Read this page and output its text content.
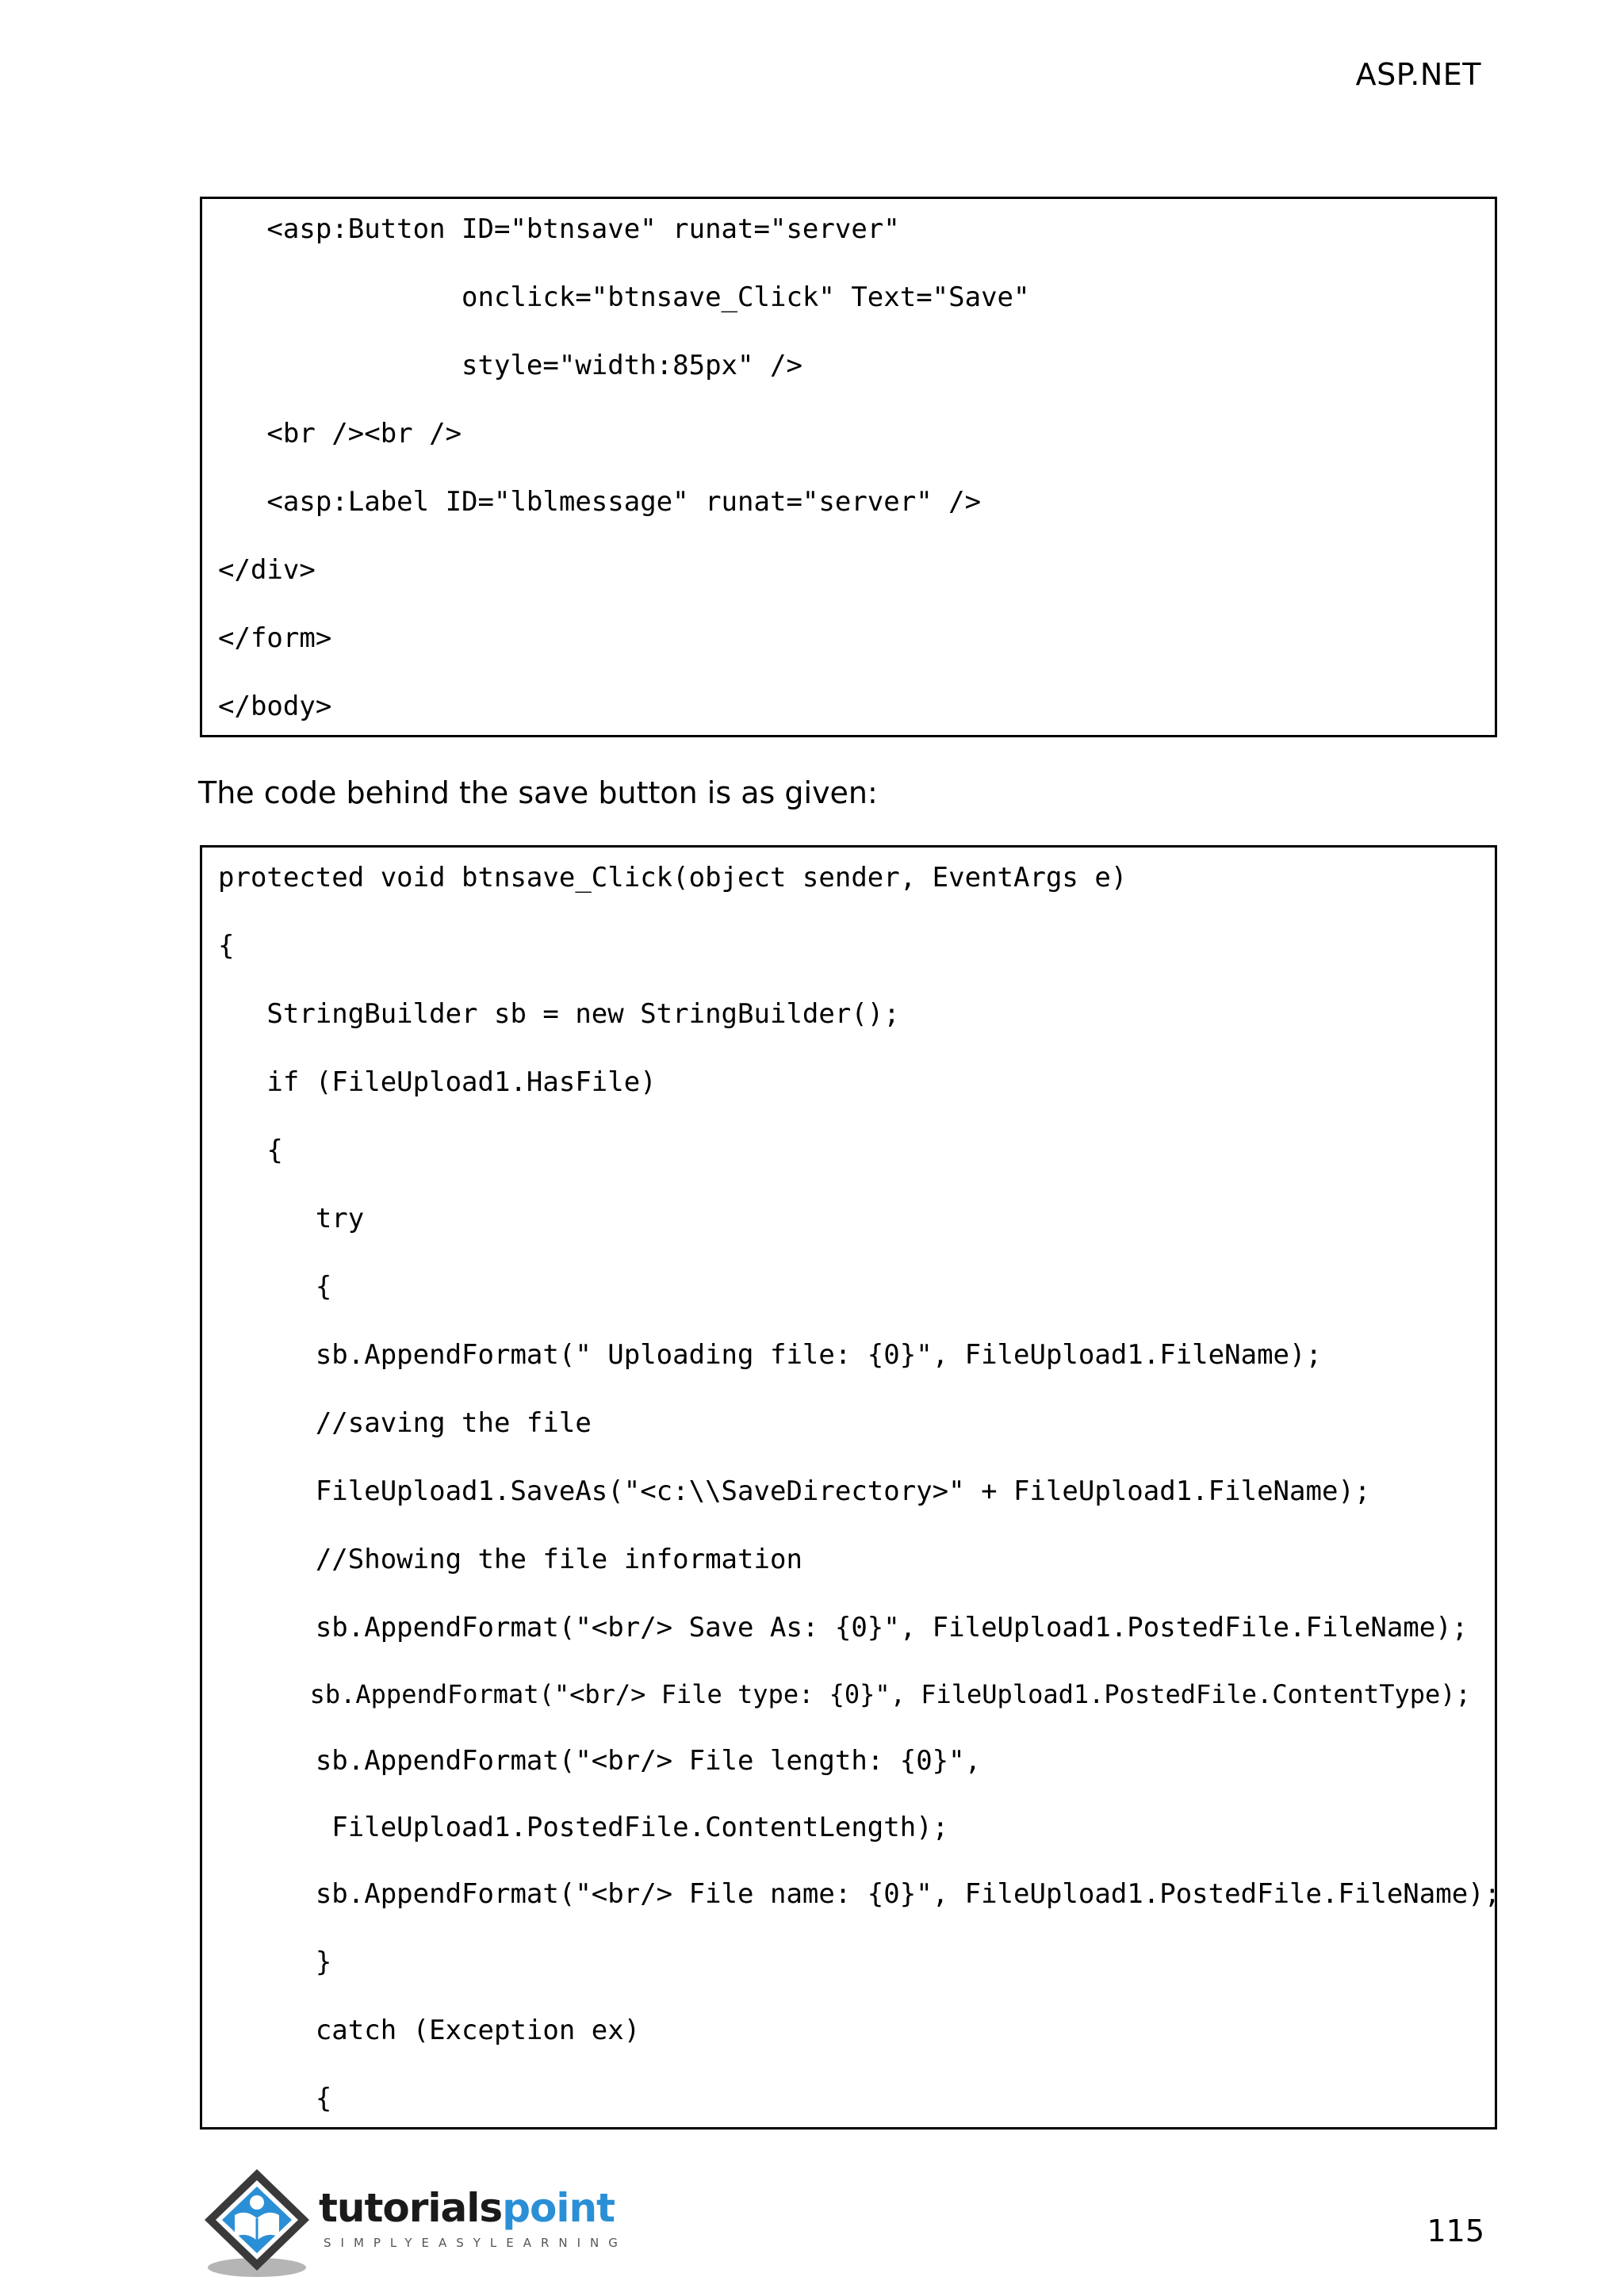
ASP.NET

<asp:Button ID="btnsave" runat="server"

onclick="btnsave_Click" Text="Save"

style="width:85px" />

<br /><br />

<asp:Label ID="lblmessage" runat="server" />

</div>

</form>

</body>

The code behind the save button is as given:

protected void btnsave_Click(object sender, EventArgs e)

{

StringBuilder sb = new StringBuilder();

if (FileUpload1.HasFile)

{

try

{

sb.AppendFormat(" Uploading file: {0}", FileUpload1.FileName);

//saving the file

FileUpload1.SaveAs("<c:\\SaveDirectory>" + FileUpload1.FileName);

//Showing the file information

sb.AppendFormat("<br/> Save As: {0}", FileUpload1.PostedFile.FileName);

sb.AppendFormat("<br/> File type: {0}", FileUpload1.PostedFile.ContentType);

sb.AppendFormat("<br/> File length: {0}",

FileUpload1.PostedFile.ContentLength);

sb.AppendFormat("<br/> File name: {0}", FileUpload1.PostedFile.FileName);

}

catch (Exception ex)

{

tutorialspoint
SIMPLYEASYLEARNING	115
